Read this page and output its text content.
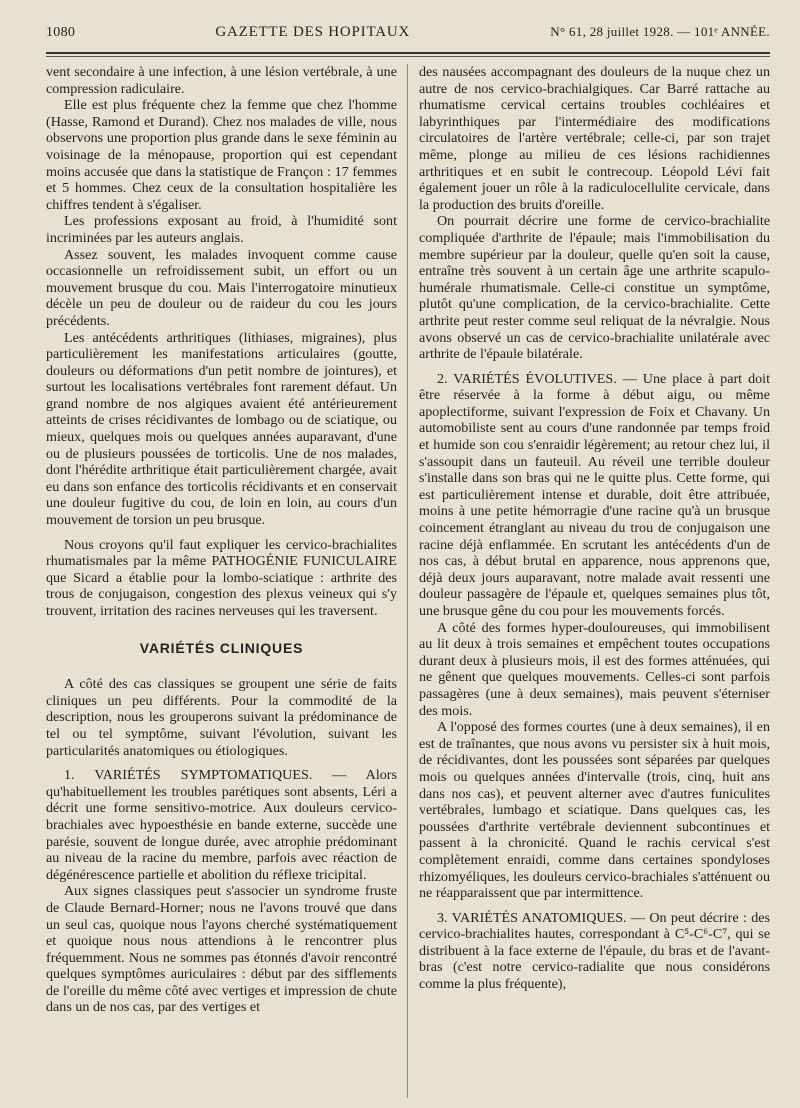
1080	GAZETTE DES HOPITAUX	N° 61, 28 juillet 1928. — 101ᵉ ANNÉE.

vent secondaire à une infection, à une lésion vertébrale, à une compression radiculaire.

Elle est plus fréquente chez la femme que chez l'homme (Hasse, Ramond et Durand). Chez nos malades de ville, nous observons une proportion plus grande dans le sexe féminin au voisinage de la ménopause, proportion qui est cependant moins accusée que dans la statistique de Françon : 17 femmes et 5 hommes. Chez ceux de la consultation hospitalière les chiffres tendent à s'égaliser.

Les professions exposant au froid, à l'humidité sont incriminées par les auteurs anglais.

Assez souvent, les malades invoquent comme cause occasionnelle un refroidissement subit, un effort ou un mouvement brusque du cou. Mais l'interrogatoire minutieux décèle un peu de douleur ou de raideur du cou les jours précédents.

Les antécédents arthritiques (lithiases, migraines), plus particulièrement les manifestations articulaires (goutte, douleurs ou déformations d'un petit nombre de jointures), et surtout les localisations vertébrales font rarement défaut. Un grand nombre de nos algiques avaient été antérieurement atteints de crises récidivantes de lombago ou de sciatique, ou mieux, quelques mois ou quelques années auparavant, d'une ou de plusieurs poussées de torticolis. Une de nos malades, dont l'hérédite arthritique était particulièrement chargée, avait eu dans son enfance des torticolis récidivants et en conservait une douleur fugitive du cou, de loin en loin, au cours d'un mouvement de torsion un peu brusque.

Nous croyons qu'il faut expliquer les cervico-brachialites rhumatismales par la même PATHOGÉNIE FUNICULAIRE que Sicard a établie pour la lombo-sciatique : arthrite des trous de conjugaison, congestion des plexus veineux qui s'y trouvent, irritation des racines nerveuses qui les traversent.

VARIÉTÉS CLINIQUES

A côté des cas classiques se groupent une série de faits cliniques un peu différents. Pour la commodité de la description, nous les grouperons suivant la prédominance de tel ou tel symptôme, suivant l'évolution, suivant les particularités anatomiques ou étiologiques.

1. VARIÉTÉS SYMPTOMATIQUES. — Alors qu'habituellement les troubles parétiques sont absents, Léri a décrit une forme sensitivo-motrice. Aux douleurs cervico-brachiales avec hypoesthésie en bande externe, succède une parésie, souvent de longue durée, avec atrophie prédominant au niveau de la racine du membre, parfois avec réaction de dégénérescence partielle et abolition du réflexe tricipital.

Aux signes classiques peut s'associer un syndrome fruste de Claude Bernard-Horner; nous ne l'avons trouvé que dans un seul cas, quoique nous l'ayons cherché systématiquement et quoique nous nous attendions à le rencontrer plus fréquemment. Nous ne sommes pas étonnés d'avoir rencontré quelques symptômes auriculaires : début par des sifflements de l'oreille du même côté avec vertiges et impression de chute dans un de nos cas, par des vertiges et

des nausées accompagnant des douleurs de la nuque chez un autre de nos cervico-brachialgiques. Car Barré rattache au rhumatisme cervical certains troubles cochléaires et labyrinthiques par l'intermédiaire des modifications circulatoires de l'artère vertébrale; celle-ci, par son trajet même, plonge au milieu de ces lésions rachidiennes arthritiques et en subit le contrecoup. Léopold Lévi fait également jouer un rôle à la radiculocellulite cervicale, dans la production des bruits d'oreille.

On pourrait décrire une forme de cervico-brachialite compliquée d'arthrite de l'épaule; mais l'immobilisation du membre supérieur par la douleur, quelle qu'en soit la cause, entraîne très souvent à un certain âge une arthrite scapulo-humérale rhumatismale. Celle-ci constitue un symptôme, plutôt qu'une complication, de la cervico-brachialite. Cette arthrite peut rester comme seul reliquat de la névralgie. Nous avons observé un cas de cervico-brachialite unilatérale avec arthrite de l'épaule bilatérale.

2. VARIÉTÉS ÉVOLUTIVES. — Une place à part doit être réservée à la forme à début aigu, ou même apoplectiforme, suivant l'expression de Foix et Chavany. Un automobiliste sent au cours d'une randonnée par temps froid et humide son cou s'enraidir légèrement; au retour chez lui, il s'assoupit dans un fauteuil. Au réveil une terrible douleur s'installe dans son bras qui ne le quitte plus. Cette forme, qui est particulièrement intense et durable, doit être attribuée, moins à une petite hémorragie d'une racine qu'à un brusque coincement étranglant au niveau du trou de conjugaison une racine déjà enflammée. En scrutant les antécédents d'un de nos cas, à début brutal en apparence, nous apprenons que, déjà deux jours auparavant, notre malade avait ressenti une douleur passagère de l'épaule et, quelques semaines plus tôt, une brusque gêne du cou pour les mouvements forcés.

A côté des formes hyper-douloureuses, qui immobilisent au lit deux à trois semaines et empêchent toutes occupations durant deux à plusieurs mois, il est des formes atténuées, qui ne gênent que quelques mouvements. Celles-ci sont parfois passagères (une à deux semaines), mais peuvent s'éterniser des mois.

A l'opposé des formes courtes (une à deux semaines), il en est de traînantes, que nous avons vu persister six à huit mois, de récidivantes, dont les poussées sont séparées par quelques mois ou quelques années d'intervalle (trois, cinq, huit ans dans nos cas), et peuvent alterner avec d'autres funiculites vertébrales, lumbago et sciatique. Dans quelques cas, les poussées d'arthrite vertébrale deviennent subcontinues et passent à la chronicité. Quand le rachis cervical s'est complètement enraidi, comme dans certaines spondyloses rhizomyéliques, les douleurs cervico-brachiales s'atténuent ou ne réapparaissent que par intermittence.

3. VARIÉTÉS ANATOMIQUES. — On peut décrire : des cervico-brachialites hautes, correspondant à C⁵-C⁶-C⁷, qui se distribuent à la face externe de l'épaule, du bras et de l'avant-bras (c'est notre cervico-radialite que nous considérons comme la plus fréquente),
